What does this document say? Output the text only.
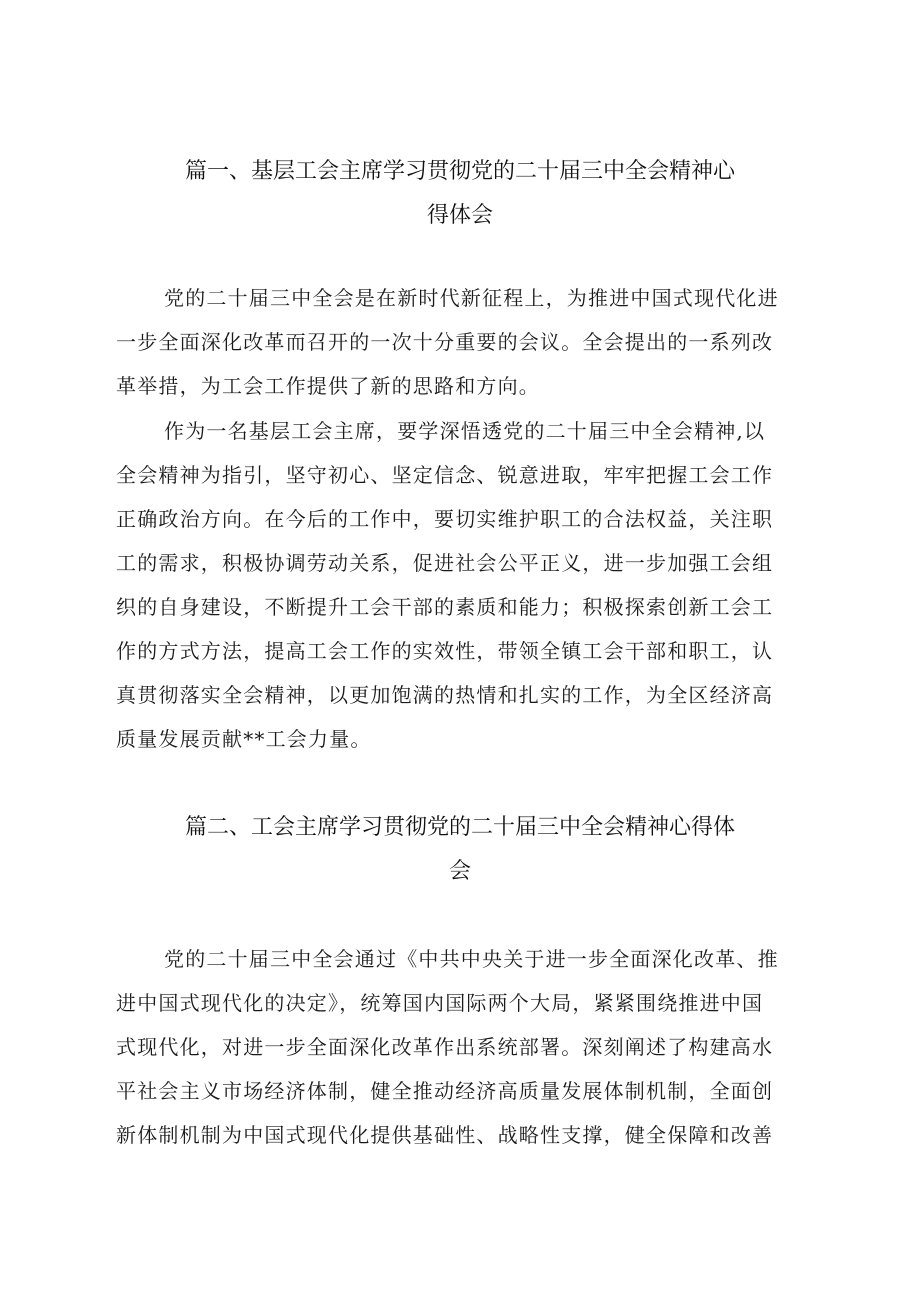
篇一、基层工会主席学习贯彻党的二十届三中全会精神心
得体会
党的二十届三中全会是在新时代新征程上，为推进中国式现代化进
一步全面深化改革而召开的一次十分重要的会议。全会提出的一系列改
革举措，为工会工作提供了新的思路和方向。
作为一名基层工会主席，要学深悟透党的二十届三中全会精神,以
全会精神为指引，坚守初心、坚定信念、锐意进取，牢牢把握工会工作
正确政治方向。在今后的工作中，要切实维护职工的合法权益，关注职
工的需求，积极协调劳动关系，促进社会公平正义，进一步加强工会组
织的自身建设，不断提升工会干部的素质和能力；积极探索创新工会工
作的方式方法，提高工会工作的实效性，带领全镇工会干部和职工，认
真贯彻落实全会精神，以更加饱满的热情和扎实的工作，为全区经济高
质量发展贡献**工会力量。
篇二、工会主席学习贯彻党的二十届三中全会精神心得体
会
党的二十届三中全会通过《中共中央关于进一步全面深化改革、推
进中国式现代化的决定》，统筹国内国际两个大局，紧紧围绕推进中国
式现代化，对进一步全面深化改革作出系统部署。深刻阐述了构建高水
平社会主义市场经济体制，健全推动经济高质量发展体制机制，全面创
新体制机制为中国式现代化提供基础性、战略性支撑，健全保障和改善
